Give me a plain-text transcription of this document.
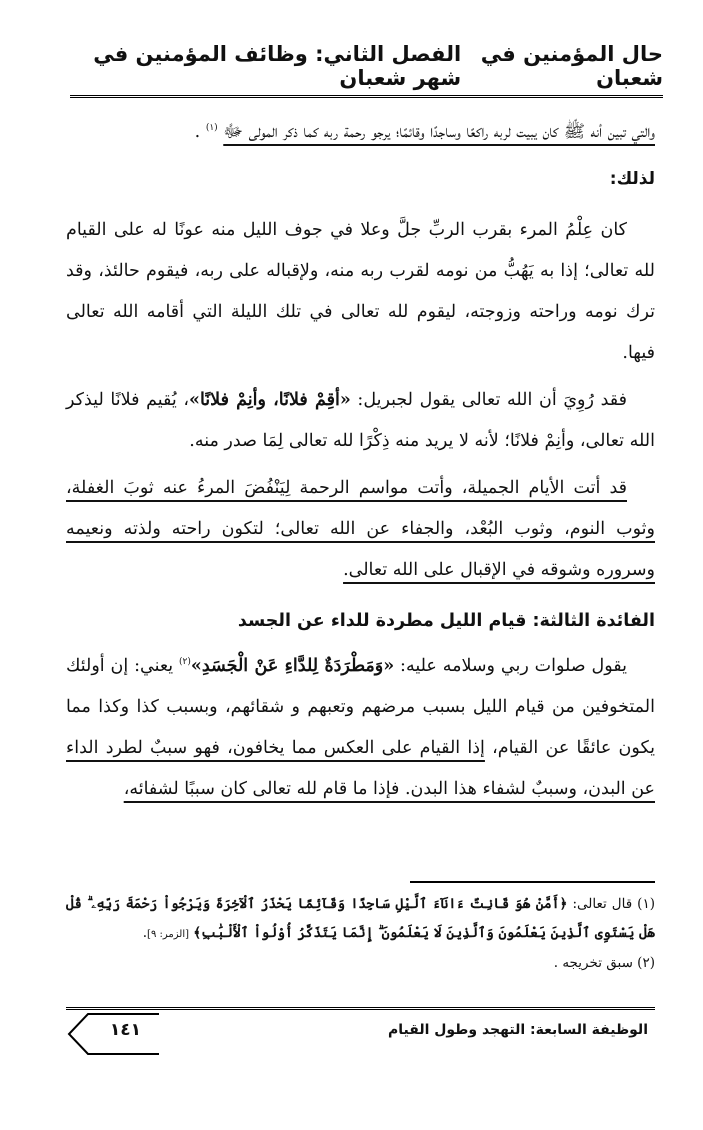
حال المؤمنين في شعبان
الفصل الثاني: وظائف المؤمنين في شهر شعبان

والتي تبين أنه ﷺ كان يبيت لربه راكعًا وساجدًا وقائمًا؛ يرجو رحمة ربه كما ذكر المولى ﷻ $^{(١)}$ .

لذلك:

كان عِلْمُ المرء بقرب الربِّ جلَّ وعلا في جوف الليل منه عونًا له على القيام لله تعالى؛ إذا به يَهُبُّ من نومه لقرب ربه منه، ولإقباله على ربه، فيقوم حالئذ، وقد ترك نومه وراحته وزوجته، ليقوم لله تعالى في تلك الليلة التي أقامه الله تعالى فيها.

فقد رُوِيَ أن الله تعالى يقول لجبريل: «أقِمْ فلانًا، وأنِمْ فلانًا»، يُقيم فلانًا ليذكر الله تعالى، وأنِمْ فلانًا؛ لأنه لا يريد منه ذِكْرًا لله تعالى لِمَا صدر منه.

قد أتت الأيام الجميلة، وأتت مواسم الرحمة لِيَنْفُضَ المرءُ عنه ثوبَ الغفلة، وثوب النوم، وثوب البُعْد، والجفاء عن الله تعالى؛ لتكون راحته ولذته ونعيمه وسروره وشوقه في الإقبال على الله تعالى.

الفائدة الثالثة: قيام الليل مطردة للداء عن الجسد

يقول صلوات ربي وسلامه عليه: «وَمَطْرَدَةٌ لِلدَّاءِ عَنْ الْجَسَدِ»$^{(٢)}$ يعني: إن أولئك المتخوفين من قيام الليل بسبب مرضهم وتعبهم و شقائهم، وبسبب كذا وكذا مما يكون عائقًا عن القيام، إذا القيام على العكس مما يخافون، فهو سببٌ لطرد الداء عن البدن، وسببٌ لشفاء هذا البدن. فإذا ما قام لله تعالى كان سببًا لشفائه،

(١) قال تعالى: ﴿أَمَّنْ هُوَ قَانِتٌ ءَانَآءَ ٱلَّيْلِ سَاجِدًا وَقَآئِمًا يَحْذَرُ ٱلْآخِرَةَ وَيَرْجُواْ رَحْمَةَ رَبِّهِۦ ۗ قُلْ هَلْ يَسْتَوِى ٱلَّذِينَ يَعْلَمُونَ وَٱلَّذِينَ لَا يَعْلَمُونَ ۗ إِنَّمَا يَتَذَكَّرُ أُوْلُواْ ٱلْأَلْبَٰبِ﴾ [الزمر: ٩].

(٢) سبق تخريجه .

الوظيفة السابعة: التهجد وطول القيام
١٤١
